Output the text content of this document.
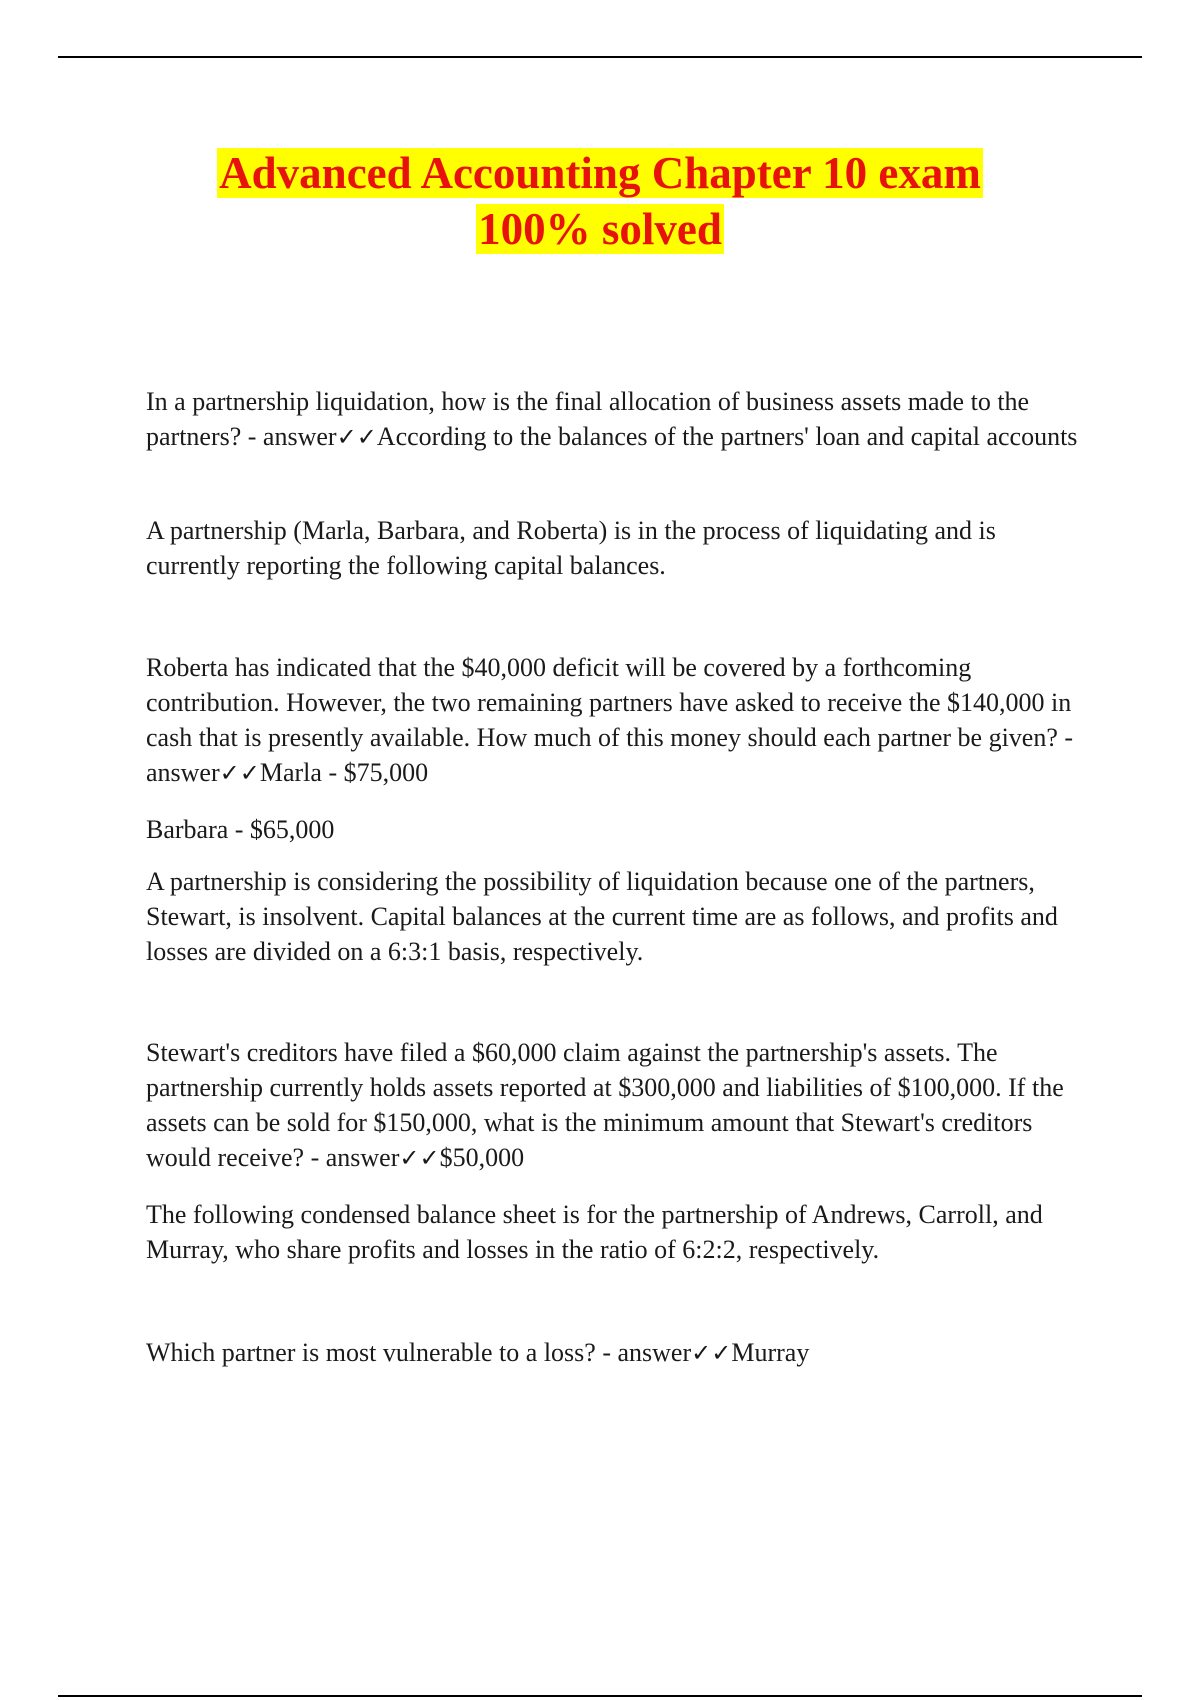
Advanced Accounting Chapter 10 exam
100% solved

In a partnership liquidation, how is the final allocation of business assets made to the partners? - answer✓✓According to the balances of the partners' loan and capital accounts

A partnership (Marla, Barbara, and Roberta) is in the process of liquidating and is currently reporting the following capital balances.

Roberta has indicated that the $40,000 deficit will be covered by a forthcoming contribution. However, the two remaining partners have asked to receive the $140,000 in cash that is presently available. How much of this money should each partner be given? - answer✓✓Marla - $75,000

Barbara - $65,000

A partnership is considering the possibility of liquidation because one of the partners, Stewart, is insolvent. Capital balances at the current time are as follows, and profits and losses are divided on a 6:3:1 basis, respectively.

Stewart's creditors have filed a $60,000 claim against the partnership's assets. The partnership currently holds assets reported at $300,000 and liabilities of $100,000. If the assets can be sold for $150,000, what is the minimum amount that Stewart's creditors would receive? - answer✓✓$50,000

The following condensed balance sheet is for the partnership of Andrews, Carroll, and Murray, who share profits and losses in the ratio of 6:2:2, respectively.

Which partner is most vulnerable to a loss? - answer✓✓Murray
